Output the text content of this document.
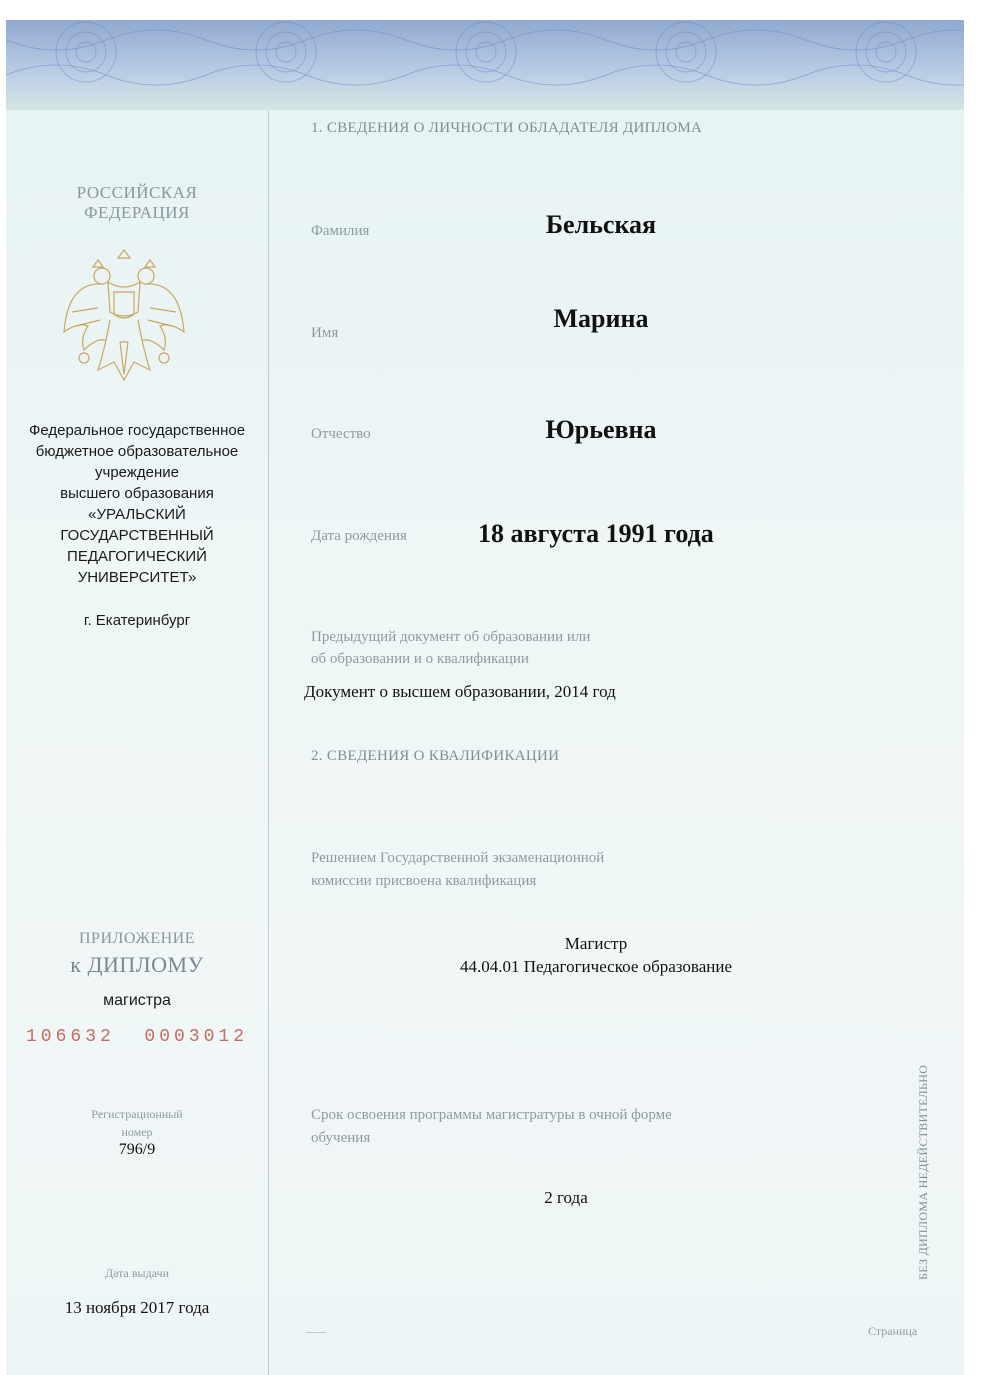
РОССИЙСКАЯ
ФЕДЕРАЦИЯ
Федеральное государственное
бюджетное образовательное
учреждение
высшего образования
«УРАЛЬСКИЙ
ГОСУДАРСТВЕННЫЙ
ПЕДАГОГИЧЕСКИЙ
УНИВЕРСИТЕТ»
г. Екатеринбург
ПРИЛОЖЕНИЕ
к ДИПЛОМУ
магистра
106632  0003012
Регистрационный
номер
796/9
Дата выдачи
13 ноября 2017 года
1. СВЕДЕНИЯ О ЛИЧНОСТИ ОБЛАДАТЕЛЯ ДИПЛОМА
Фамилия	Бельская
Имя	Марина
Отчество	Юрьевна
Дата рождения	18 августа 1991 года
Предыдущий документ об образовании или
об образовании и о квалификации
Документ о высшем образовании, 2014 год
2. СВЕДЕНИЯ О КВАЛИФИКАЦИИ
Решением Государственной экзаменационной
комиссии присвоена квалификация
Магистр
44.04.01 Педагогическое образование
Срок освоения программы магистратуры в очной форме
обучения
2 года
Страница
БЕЗ ДИПЛОМА НЕДЕЙСТВИТЕЛЬНО
